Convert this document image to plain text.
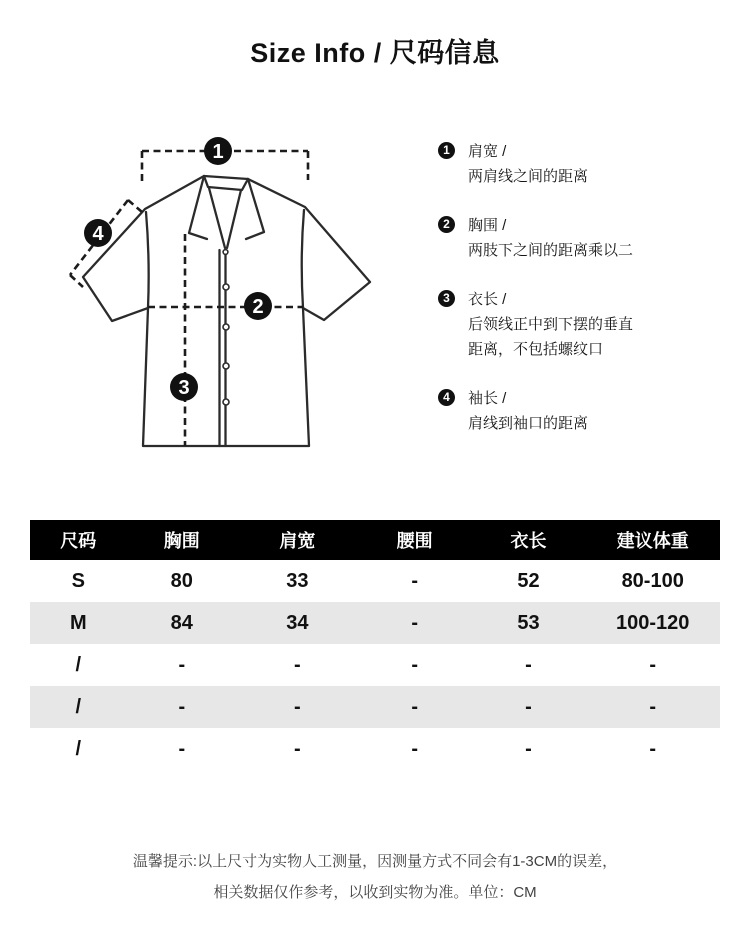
Size Info / 尺码信息
1
2
3
4
1	肩宽 /
两肩线之间的距离
2	胸围 /
两肢下之间的距离乘以二
3	衣长 /
后领线正中到下摆的垂直
距离，不包括螺纹口
4	袖长 /
肩线到袖口的距离
尺码	胸围	肩宽	腰围	衣长	建议体重
S	80	33	-	52	80-100
M	84	34	-	53	100-120
/	-	-	-	-	-
/	-	-	-	-	-
/	-	-	-	-	-
温馨提示:以上尺寸为实物人工测量，因测量方式不同会有1-3CM的误差，
相关数据仅作参考，以收到实物为准。单位：CM
